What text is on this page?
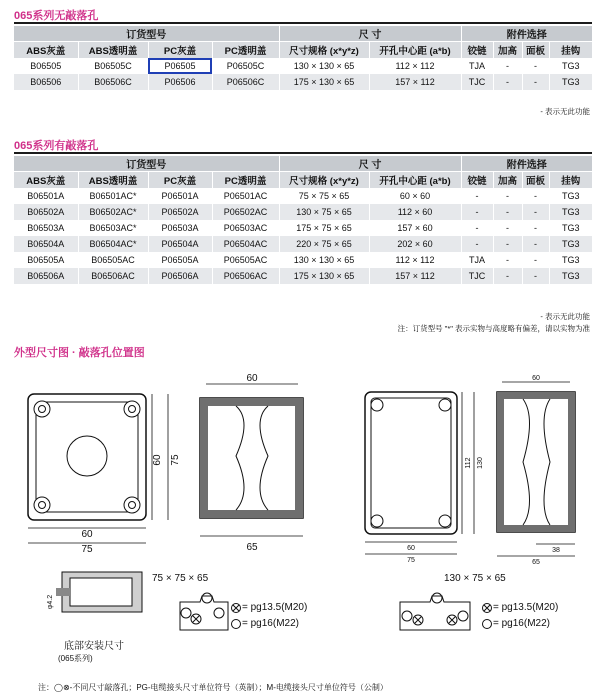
065系列无敲落孔
订货型号				尺 寸		附件选择			
ABS灰盖	ABS透明盖	PC灰盖	PC透明盖	尺寸规格 (x*y*z)	开孔中心距 (a*b)	铰链	加高	面板	挂钩
B06505	B06505C	P06505	P06505C	130 × 130 × 65	112 × 112	TJA	-	-	TG3
B06506	B06506C	P06506	P06506C	175 × 130 × 65	157 × 112	TJC	-	-	TG3
- 表示无此功能
065系列有敲落孔
订货型号				尺 寸		附件选择			
ABS灰盖	ABS透明盖	PC灰盖	PC透明盖	尺寸规格 (x*y*z)	开孔中心距 (a*b)	铰链	加高	面板	挂钩
B06501A	B06501AC*	P06501A	P06501AC	75 × 75 × 65	60 × 60	-	-	-	TG3
B06502A	B06502AC*	P06502A	P06502AC	130 × 75 × 65	112 × 60	-	-	-	TG3
B06503A	B06503AC*	P06503A	P06503AC	175 × 75 × 65	157 × 60	-	-	-	TG3
B06504A	B06504AC*	P06504A	P06504AC	220 × 75 × 65	202 × 60	-	-	-	TG3
B06505A	B06505AC	P06505A	P06505AC	130 × 130 × 65	112 × 112	TJA	-	-	TG3
B06506A	B06506AC	P06506A	P06506AC	175 × 130 × 65	157 × 112	TJC	-	-	TG3
- 表示无此功能
注：订货型号 "*" 表示实物与高度略有偏差，请以实物为准
外型尺寸图 · 敲落孔位置图
60 75
60
75
60
65
112 130
60
75
60
38
65
φ4.2
75 × 75 × 65	130 × 75 × 65
= pg13.5(M20)
= pg16(M22)
= pg13.5(M20)
= pg16(M22)
底部安装尺寸
(065系列)
注：◯⊗-不同尺寸敲落孔；PG-电缆接头尺寸单位符号（英制）；M-电缆接头尺寸单位符号（公制）
